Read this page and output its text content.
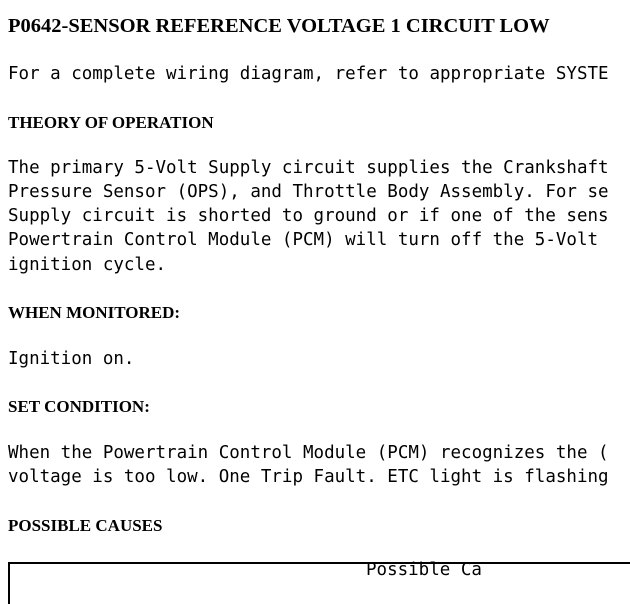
P0642-SENSOR REFERENCE VOLTAGE 1 CIRCUIT LOW

For a complete wiring diagram, refer to appropriate SYSTE

THEORY OF OPERATION

The primary 5-Volt Supply circuit supplies the Crankshaft

Pressure Sensor (OPS), and Throttle Body Assembly. For se

Supply circuit is shorted to ground or if one of the sens

Powertrain Control Module (PCM) will turn off the 5-Volt

ignition cycle.

WHEN MONITORED:

Ignition on.

SET CONDITION:

When the Powertrain Control Module (PCM) recognizes the (

voltage is too low. One Trip Fault. ETC light is flashing

POSSIBLE CAUSES

Possible Ca
